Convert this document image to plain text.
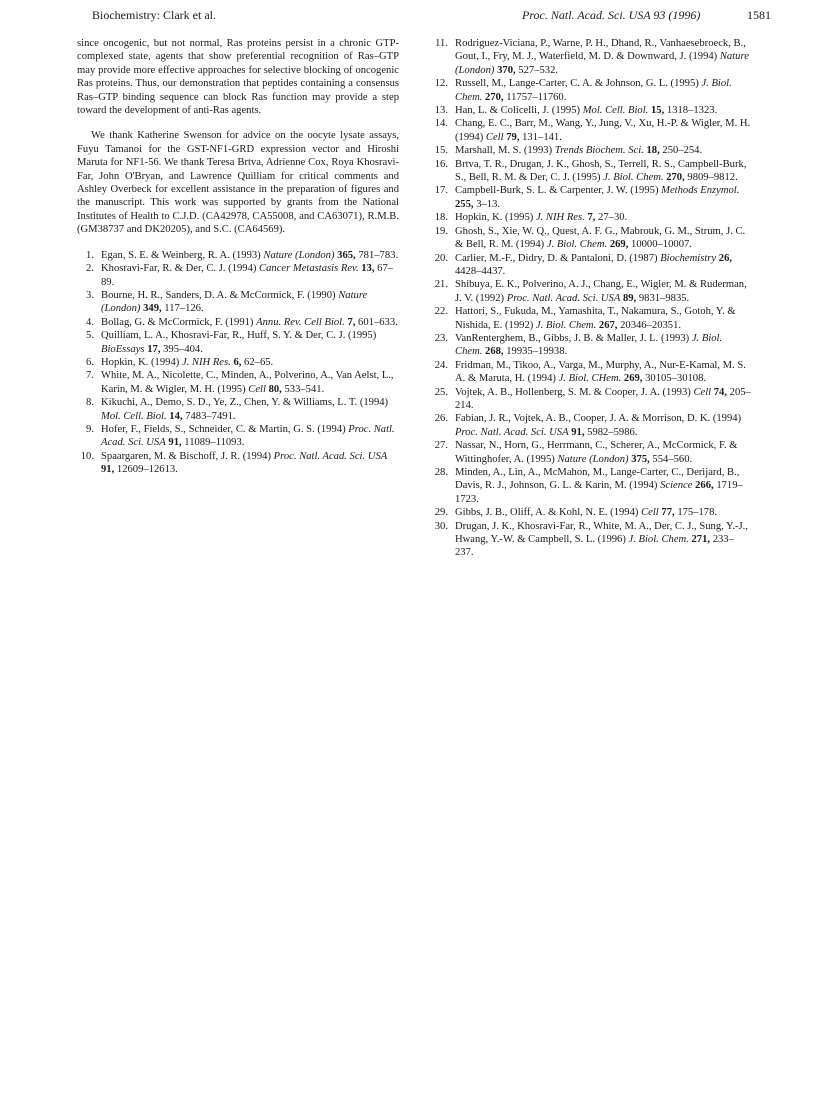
Biochemistry: Clark et al.	Proc. Natl. Acad. Sci. USA 93 (1996)	1581

since oncogenic, but not normal, Ras proteins persist in a chronic GTP-complexed state, agents that show preferential recognition of Ras–GTP may provide more effective approaches for selective blocking of oncogenic Ras proteins. Thus, our demonstration that peptides containing a consensus Ras–GTP binding sequence can block Ras function may provide a step toward the development of anti-Ras agents.

We thank Katherine Swenson for advice on the oocyte lysate assays, Fuyu Tamanoi for the GST-NF1-GRD expression vector and Hiroshi Maruta for NF1-56. We thank Teresa Brtva, Adrienne Cox, Roya Khosravi-Far, John O'Bryan, and Lawrence Quilliam for critical comments and Ashley Overbeck for excellent assistance in the preparation of figures and the manuscript. This work was supported by grants from the National Institutes of Health to C.J.D. (CA42978, CA55008, and CA63071), R.M.B. (GM38737 and DK20205), and S.C. (CA64569).

1. Egan, S. E. & Weinberg, R. A. (1993) Nature (London) 365, 781–783.
2. Khosravi-Far, R. & Der, C. J. (1994) Cancer Metastasis Rev. 13, 67–89.
3. Bourne, H. R., Sanders, D. A. & McCormick, F. (1990) Nature (London) 349, 117–126.
4. Bollag, G. & McCormick, F. (1991) Annu. Rev. Cell Biol. 7, 601–633.
5. Quilliam, L. A., Khosravi-Far, R., Huff, S. Y. & Der, C. J. (1995) BioEssays 17, 395–404.
6. Hopkin, K. (1994) J. NIH Res. 6, 62–65.
7. White, M. A., Nicolette, C., Minden, A., Polverino, A., Van Aelst, L., Karin, M. & Wigler, M. H. (1995) Cell 80, 533–541.
8. Kikuchi, A., Demo, S. D., Ye, Z., Chen, Y. & Williams, L. T. (1994) Mol. Cell. Biol. 14, 7483–7491.
9. Hofer, F., Fields, S., Schneider, C. & Martin, G. S. (1994) Proc. Natl. Acad. Sci. USA 91, 11089–11093.
10. Spaargaren, M. & Bischoff, J. R. (1994) Proc. Natl. Acad. Sci. USA 91, 12609–12613.
11. Rodriguez-Viciana, P., Warne, P. H., Dhand, R., Vanhaesebroeck, B., Gout, I., Fry, M. J., Waterfield, M. D. & Downward, J. (1994) Nature (London) 370, 527–532.
12. Russell, M., Lange-Carter, C. A. & Johnson, G. L. (1995) J. Biol. Chem. 270, 11757–11760.
13. Han, L. & Colicelli, J. (1995) Mol. Cell. Biol. 15, 1318–1323.
14. Chang, E. C., Barr, M., Wang, Y., Jung, V., Xu, H.-P. & Wigler, M. H. (1994) Cell 79, 131–141.
15. Marshall, M. S. (1993) Trends Biochem. Sci. 18, 250–254.
16. Brtva, T. R., Drugan, J. K., Ghosh, S., Terrell, R. S., Campbell-Burk, S., Bell, R. M. & Der, C. J. (1995) J. Biol. Chem. 270, 9809–9812.
17. Campbell-Burk, S. L. & Carpenter, J. W. (1995) Methods Enzymol. 255, 3–13.
18. Hopkin, K. (1995) J. NIH Res. 7, 27–30.
19. Ghosh, S., Xie, W. Q., Quest, A. F. G., Mabrouk, G. M., Strum, J. C. & Bell, R. M. (1994) J. Biol. Chem. 269, 10000–10007.
20. Carlier, M.-F., Didry, D. & Pantaloni, D. (1987) Biochemistry 26, 4428–4437.
21. Shibuya, E. K., Polverino, A. J., Chang, E., Wigler, M. & Ruderman, J. V. (1992) Proc. Natl. Acad. Sci. USA 89, 9831–9835.
22. Hattori, S., Fukuda, M., Yamashita, T., Nakamura, S., Gotoh, Y. & Nishida, E. (1992) J. Biol. Chem. 267, 20346–20351.
23. VanRenterghem, B., Gibbs, J. B. & Maller, J. L. (1993) J. Biol. Chem. 268, 19935–19938.
24. Fridman, M., Tikoo, A., Varga, M., Murphy, A., Nur-E-Kamal, M. S. A. & Maruta, H. (1994) J. Biol. CHem. 269, 30105–30108.
25. Vojtek, A. B., Hollenberg, S. M. & Cooper, J. A. (1993) Cell 74, 205–214.
26. Fabian, J. R., Vojtek, A. B., Cooper, J. A. & Morrison, D. K. (1994) Proc. Natl. Acad. Sci. USA 91, 5982–5986.
27. Nassar, N., Horn, G., Herrmann, C., Scherer, A., McCormick, F. & Wittinghofer, A. (1995) Nature (London) 375, 554–560.
28. Minden, A., Lin, A., McMahon, M., Lange-Carter, C., Derijard, B., Davis, R. J., Johnson, G. L. & Karin, M. (1994) Science 266, 1719–1723.
29. Gibbs, J. B., Oliff, A. & Kohl, N. E. (1994) Cell 77, 175–178.
30. Drugan, J. K., Khosravi-Far, R., White, M. A., Der, C. J., Sung, Y.-J., Hwang, Y.-W. & Campbell, S. L. (1996) J. Biol. Chem. 271, 233–237.
